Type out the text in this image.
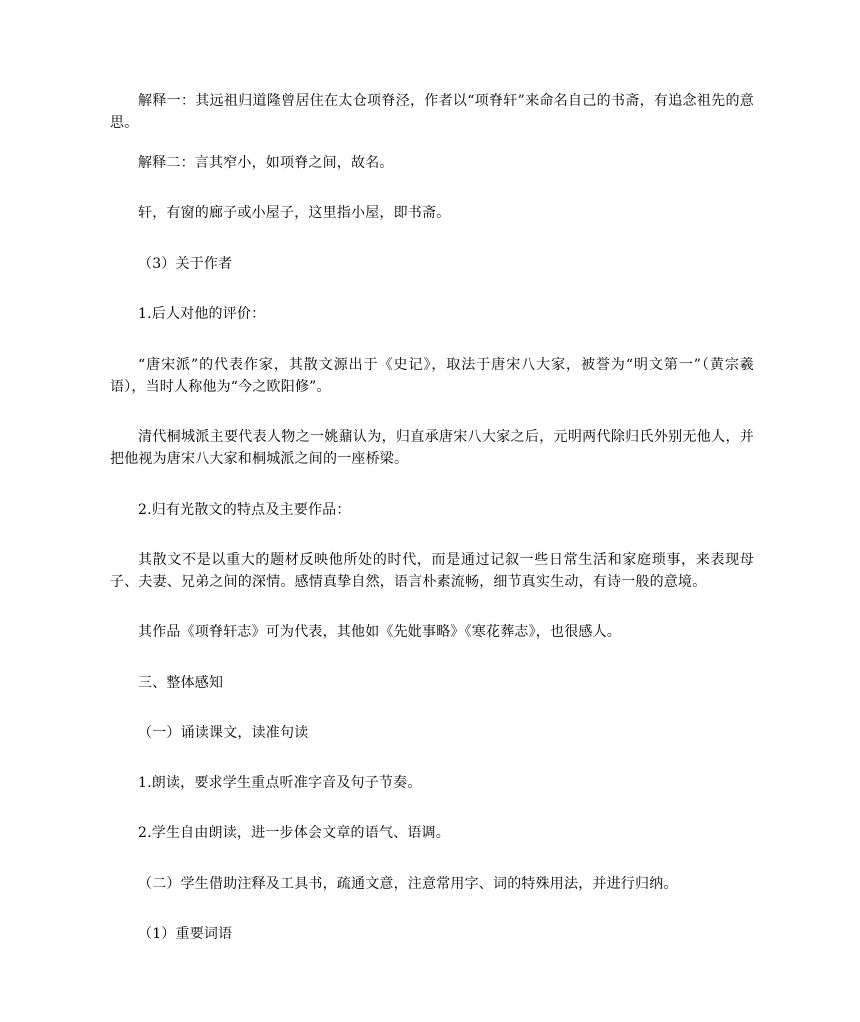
解释一：其远祖归道隆曾居住在太仓项脊泾，作者以“项脊轩”来命名自己的书斋，有追念祖先的意思。

解释二：言其窄小，如项脊之间，故名。

轩，有窗的廊子或小屋子，这里指小屋，即书斋。

（3）关于作者

1.后人对他的评价：

“唐宋派”的代表作家，其散文源出于《史记》，取法于唐宋八大家，被誉为“明文第一”（黄宗羲语），当时人称他为“今之欧阳修”。

清代桐城派主要代表人物之一姚鼐认为，归直承唐宋八大家之后，元明两代除归氏外别无他人，并把他视为唐宋八大家和桐城派之间的一座桥梁。

2.归有光散文的特点及主要作品：

其散文不是以重大的题材反映他所处的时代，而是通过记叙一些日常生活和家庭琐事，来表现母子、夫妻、兄弟之间的深情。感情真挚自然，语言朴素流畅，细节真实生动，有诗一般的意境。

其作品《项脊轩志》可为代表，其他如《先妣事略》《寒花葬志》，也很感人。

三、整体感知

（一）诵读课文，读准句读

1.朗读，要求学生重点听准字音及句子节奏。

2.学生自由朗读，进一步体会文章的语气、语调。

（二）学生借助注释及工具书，疏通文意，注意常用字、词的特殊用法，并进行归纳。

（1）重要词语
